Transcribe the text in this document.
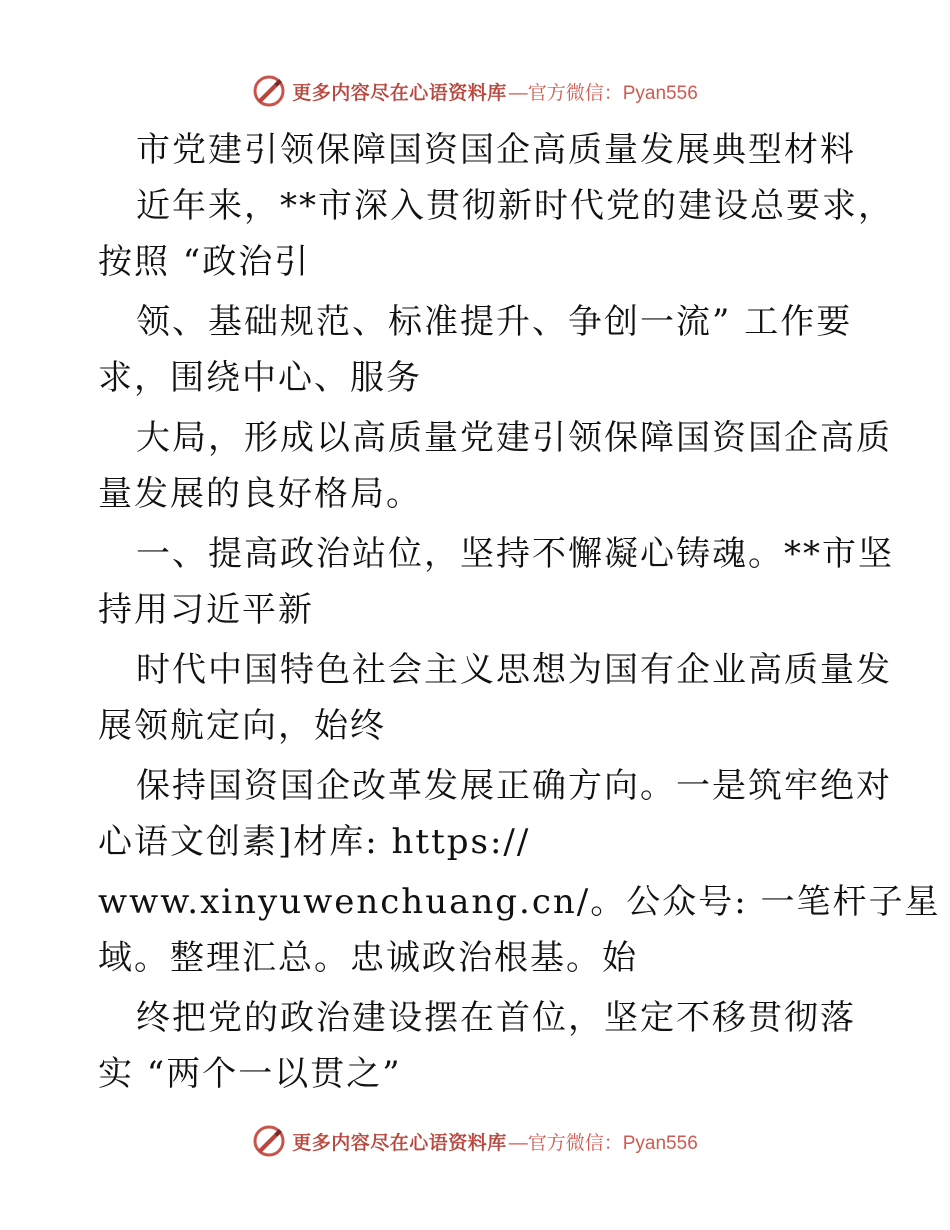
更多内容尽在心语资料库 —官方微信：Pyan556
市党建引领保障国资国企高质量发展典型材料
近年来，**市深入贯彻新时代党的建设总要求，
按照 “政治引
领、基础规范、标准提升、争创一流” 工作要
求，围绕中心、服务
大局，形成以高质量党建引领保障国资国企高质
量发展的良好格局。
一、提高政治站位，坚持不懈凝心铸魂。**市坚
持用习近平新
时代中国特色社会主义思想为国有企业高质量发
展领航定向，始终
保持国资国企改革发展正确方向。一是筑牢绝对
心语文创素]材库: https://
www.xinyuwenchuang.cn/。公众号: 一笔杆子星
域。整理汇总。忠诚政治根基。始
终把党的政治建设摆在首位，坚定不移贯彻落
实 “两个一以贯之”
更多内容尽在心语资料库 —官方微信：Pyan556
